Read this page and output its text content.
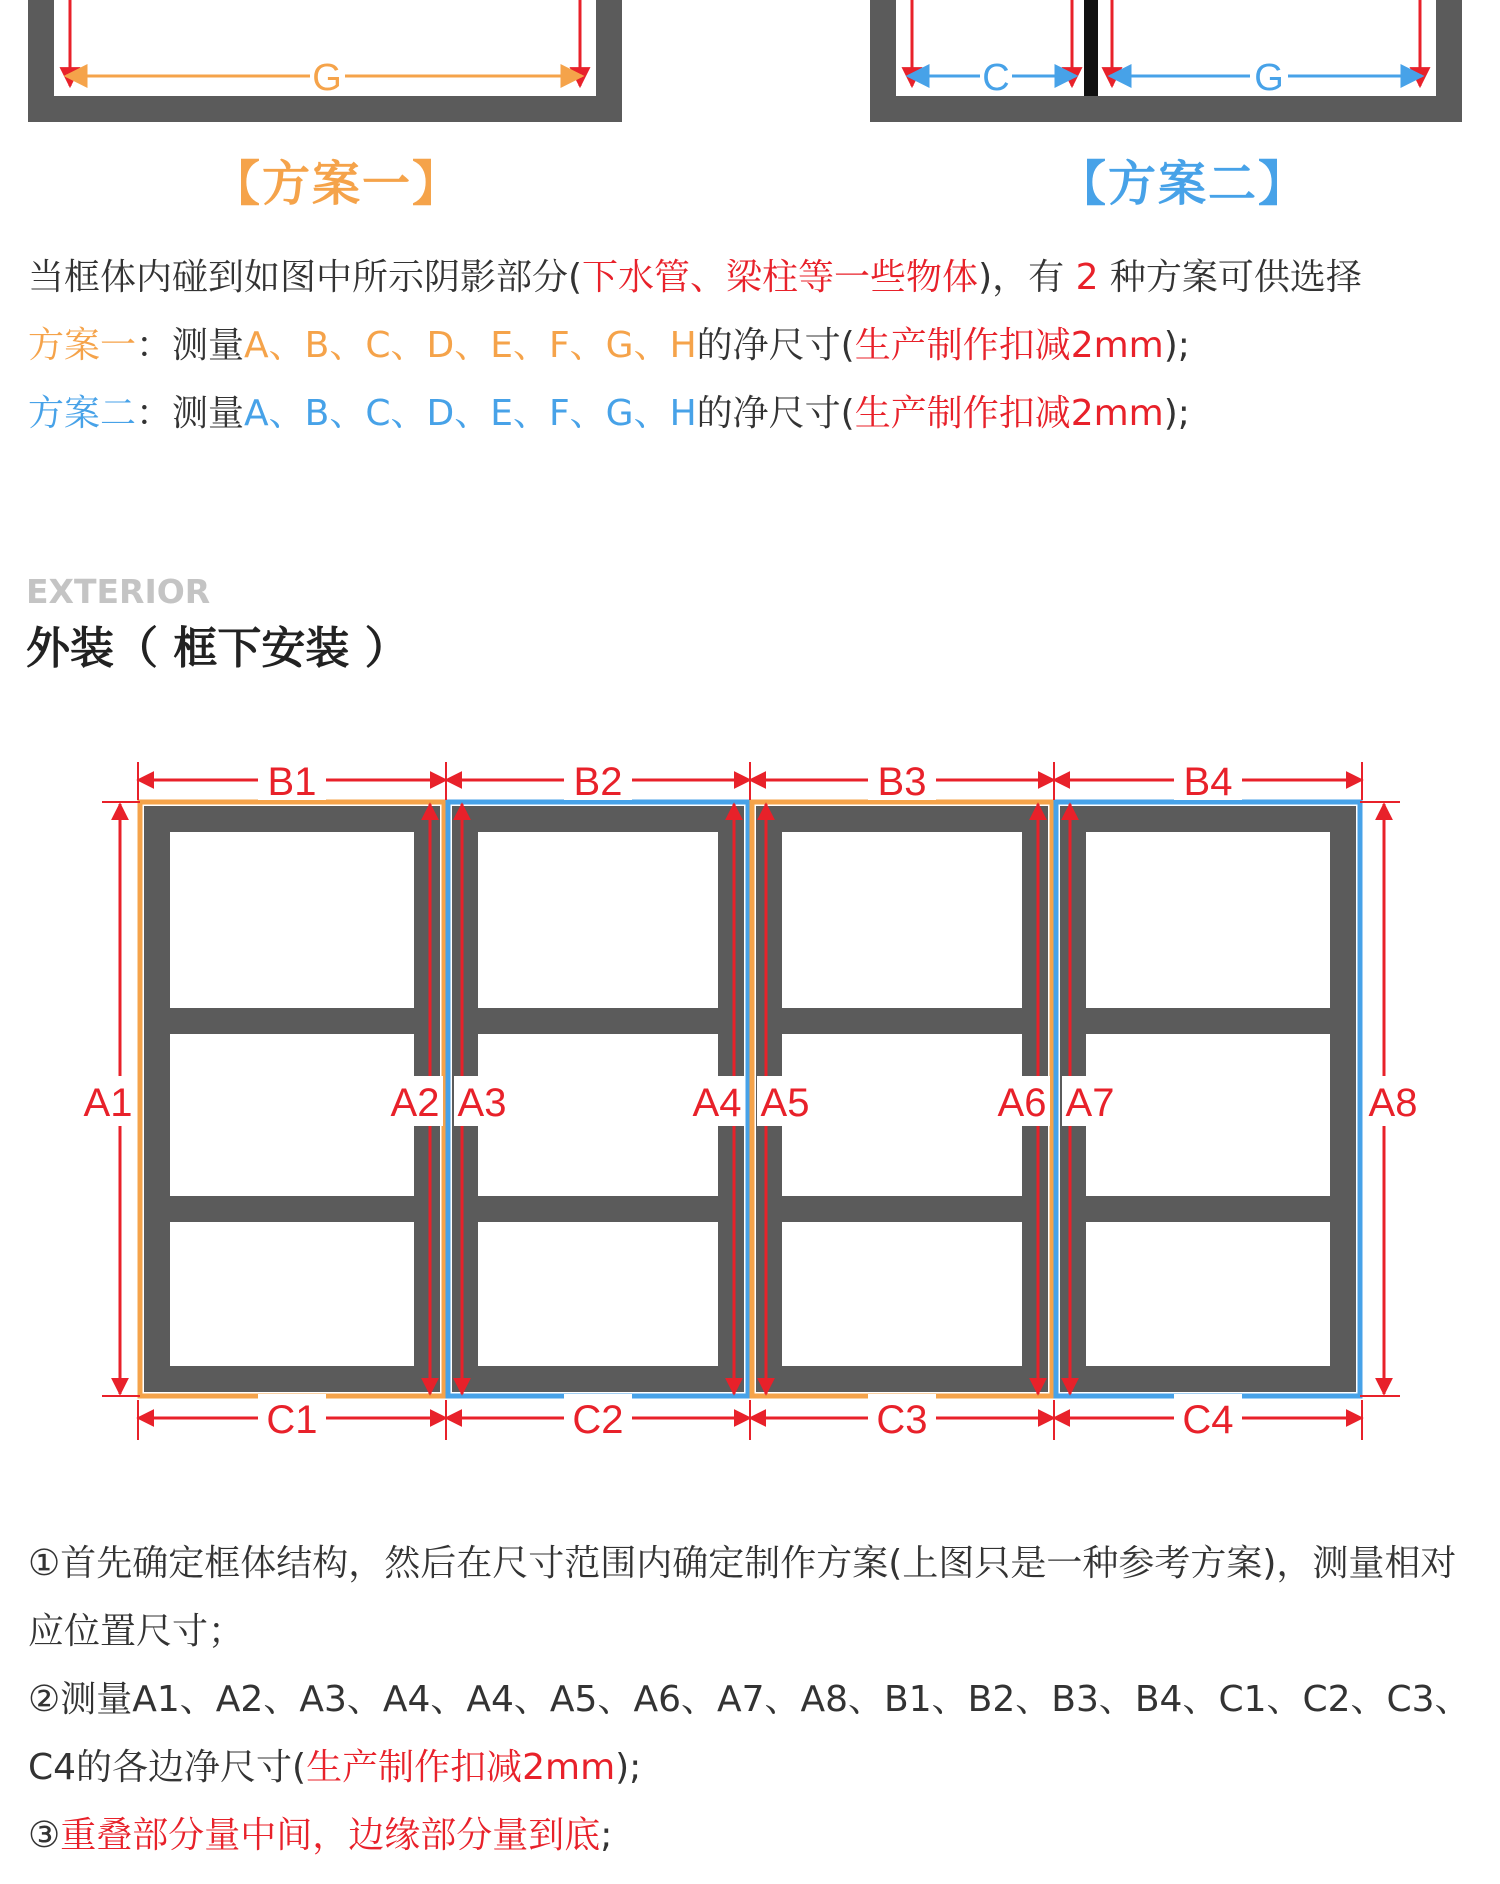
G	C	G

【方案一】	【方案二】

当框体内碰到如图中所示阴影部分(下水管、梁柱等一些物体)，有 2 种方案可供选择

方案一：测量A、B、C、D、E、F、G、H的净尺寸(生产制作扣减2mm);

方案二：测量A、B、C、D、E、F、G、H的净尺寸(生产制作扣减2mm);

EXTERIOR

外装（ 框下安装 ）

B1
C1
B2
C2
B3
C3
B4
C4
A1	A2 A3	A4 A5	A6 A7	A8

①首先确定框体结构，然后在尺寸范围内确定制作方案(上图只是一种参考方案)，测量相对应位置尺寸；

②测量A1、A2、A3、A4、A4、A5、A6、A7、A8、B1、B2、B3、B4、C1、C2、C3、C4的各边净尺寸(生产制作扣减2mm);

③重叠部分量中间，边缘部分量到底;
